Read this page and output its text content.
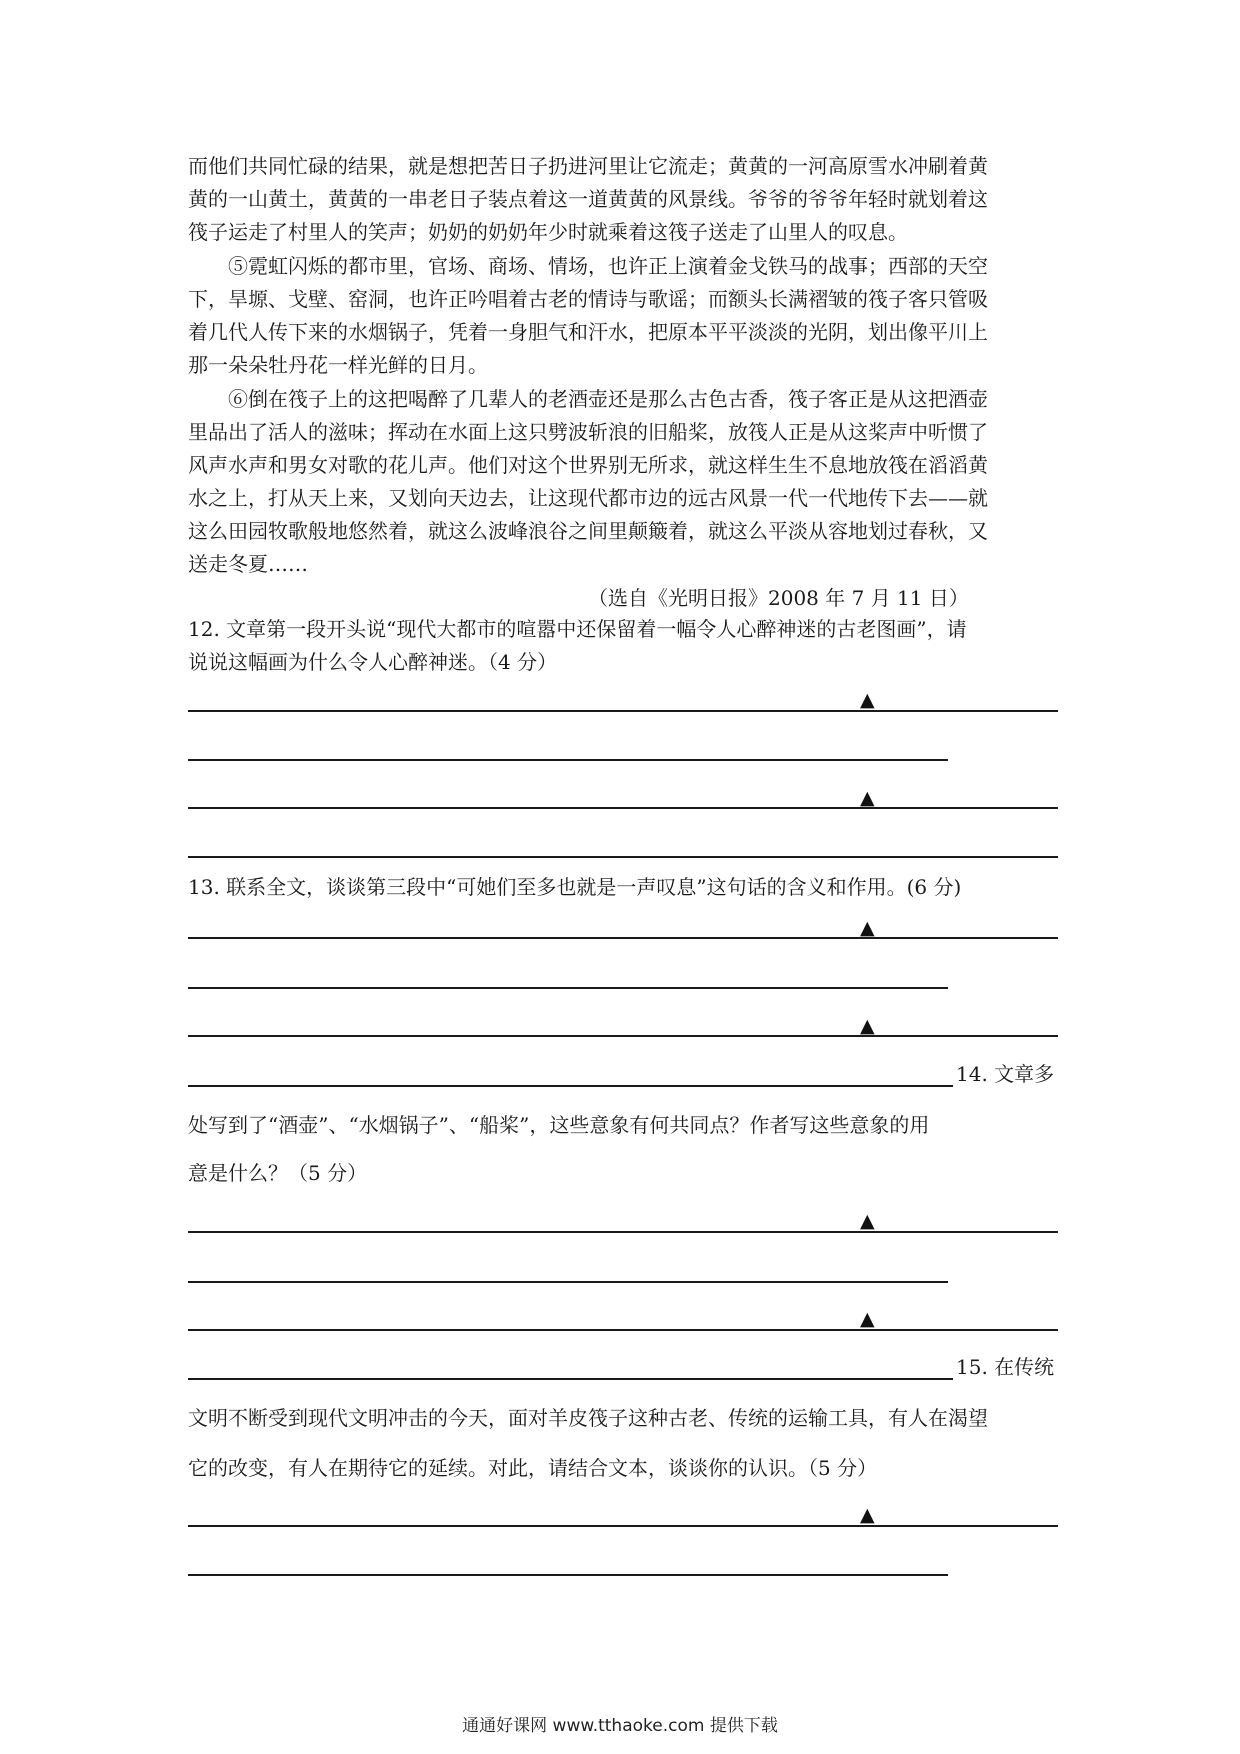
而他们共同忙碌的结果，就是想把苦日子扔进河里让它流走；黄黄的一河高原雪水冲刷着黄
黄的一山黄土，黄黄的一串老日子装点着这一道黄黄的风景线。爷爷的爷爷年轻时就划着这
筏子运走了村里人的笑声；奶奶的奶奶年少时就乘着这筏子送走了山里人的叹息。
⑤霓虹闪烁的都市里，官场、商场、情场，也许正上演着金戈铁马的战事；西部的天空
下，旱塬、戈壁、窑洞，也许正吟唱着古老的情诗与歌谣；而额头长满褶皱的筏子客只管吸
着几代人传下来的水烟锅子，凭着一身胆气和汗水，把原本平平淡淡的光阴，划出像平川上
那一朵朵牡丹花一样光鲜的日月。
⑥倒在筏子上的这把喝醉了几辈人的老酒壶还是那么古色古香，筏子客正是从这把酒壶
里品出了活人的滋味；挥动在水面上这只劈波斩浪的旧船桨，放筏人正是从这桨声中听惯了
风声水声和男女对歌的花儿声。他们对这个世界别无所求，就这样生生不息地放筏在滔滔黄
水之上，打从天上来，又划向天边去，让这现代都市边的远古风景一代一代地传下去——就
这么田园牧歌般地悠然着，就这么波峰浪谷之间里颠簸着，就这么平淡从容地划过春秋，又
送走冬夏……
（选自《光明日报》2008 年 7 月 11 日）
12. 文章第一段开头说“现代大都市的喧嚣中还保留着一幅令人心醉神迷的古老图画”，请
说说这幅画为什么令人心醉神迷。（4 分）
▲
▲
13. 联系全文，谈谈第三段中“可她们至多也就是一声叹息”这句话的含义和作用。(6 分)
▲
▲
14. 文章多
处写到了“酒壶”、“水烟锅子”、“船桨”，这些意象有何共同点？作者写这些意象的用
意是什么？（5 分）
▲
▲
15. 在传统
文明不断受到现代文明冲击的今天，面对羊皮筏子这种古老、传统的运输工具，有人在渴望
它的改变，有人在期待它的延续。对此，请结合文本，谈谈你的认识。（5 分）
▲
通通好课网 www.tthaoke.com 提供下载
